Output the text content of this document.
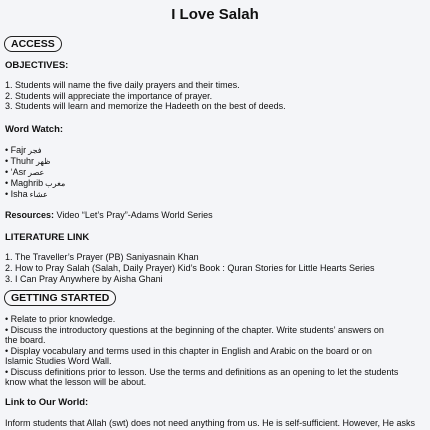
I Love Salah
ACCESS
OBJECTIVES:
1. Students will name the five daily prayers and their times.
2. Students will appreciate the importance of prayer.
3. Students will learn and memorize the Hadeeth on the best of deeds.
Word Watch:
• Fajr فجر
• Thuhr ظهر
• ‘Asr عصر
• Maghrib مغرب
• Isha عشاء
Resources: Video “Let’s Pray”-Adams World Series
LITERATURE LINK
1. The Traveller’s Prayer (PB) Saniyasnain Khan
2. How to Pray Salah (Salah, Daily Prayer) Kid’s Book : Quran Stories for Little Hearts Series
3. I Can Pray Anywhere by Aisha Ghani
GETTING STARTED
• Relate to prior knowledge.
• Discuss the introductory questions at the beginning of the chapter. Write students’ answers on
the board.
• Display vocabulary and terms used in this chapter in English and Arabic on the board or on
Islamic Studies Word Wall.
• Discuss definitions prior to lesson. Use the terms and definitions as an opening to let the students
know what the lesson will be about.
Link to Our World:
Inform students that Allah (swt) does not need anything from us. He is self-sufficient. However, He asks
